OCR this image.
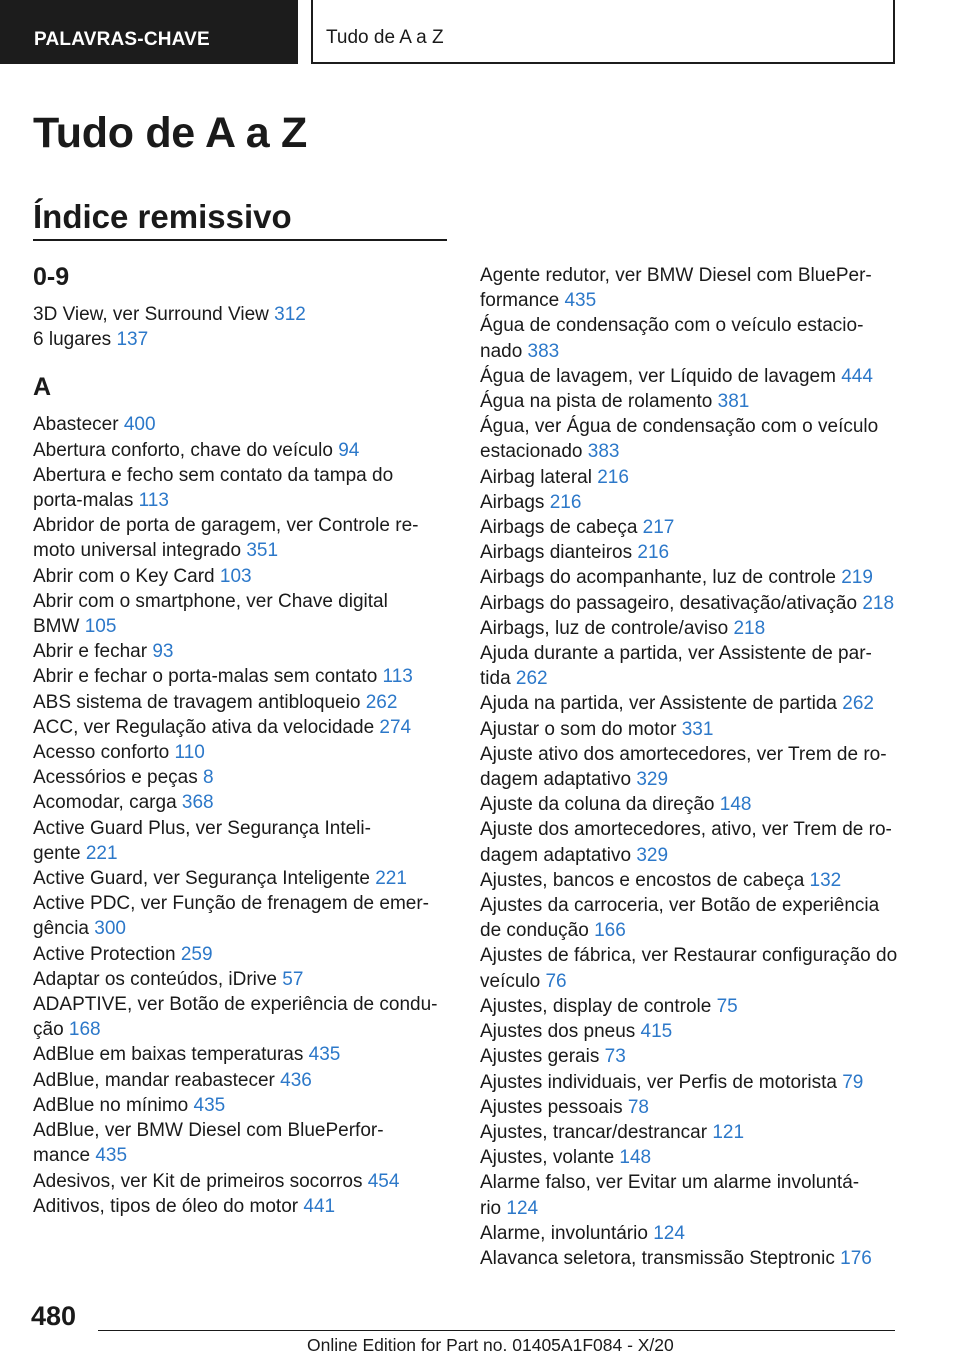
PALAVRAS-CHAVE	Tudo de A a Z
Tudo de A a Z
Índice remissivo
0-9
3D View, ver Surround View 312
6 lugares 137
A
Abastecer 400
Abertura conforto, chave do veículo 94
Abertura e fecho sem contato da tampa do
porta-malas 113
Abridor de porta de garagem, ver Controle re-
moto universal integrado 351
Abrir com o Key Card 103
Abrir com o smartphone, ver Chave digital
BMW 105
Abrir e fechar 93
Abrir e fechar o porta-malas sem contato 113
ABS sistema de travagem antibloqueio 262
ACC, ver Regulação ativa da velocidade 274
Acesso conforto 110
Acessórios e peças 8
Acomodar, carga 368
Active Guard Plus, ver Segurança Inteli-
gente 221
Active Guard, ver Segurança Inteligente 221
Active PDC, ver Função de frenagem de emer-
gência 300
Active Protection 259
Adaptar os conteúdos, iDrive 57
ADAPTIVE, ver Botão de experiência de condu-
ção 168
AdBlue em baixas temperaturas 435
AdBlue, mandar reabastecer 436
AdBlue no mínimo 435
AdBlue, ver BMW Diesel com BluePerfor-
mance 435
Adesivos, ver Kit de primeiros socorros 454
Aditivos, tipos de óleo do motor 441
Agente redutor, ver BMW Diesel com BluePer-
formance 435
Água de condensação com o veículo estacio-
nado 383
Água de lavagem, ver Líquido de lavagem 444
Água na pista de rolamento 381
Água, ver Água de condensação com o veículo
estacionado 383
Airbag lateral 216
Airbags 216
Airbags de cabeça 217
Airbags dianteiros 216
Airbags do acompanhante, luz de controle 219
Airbags do passageiro, desativação/ativação 218
Airbags, luz de controle/aviso 218
Ajuda durante a partida, ver Assistente de par-
tida 262
Ajuda na partida, ver Assistente de partida 262
Ajustar o som do motor 331
Ajuste ativo dos amortecedores, ver Trem de ro-
dagem adaptativo 329
Ajuste da coluna da direção 148
Ajuste dos amortecedores, ativo, ver Trem de ro-
dagem adaptativo 329
Ajustes, bancos e encostos de cabeça 132
Ajustes da carroceria, ver Botão de experiência
de condução 166
Ajustes de fábrica, ver Restaurar configuração do
veículo 76
Ajustes, display de controle 75
Ajustes dos pneus 415
Ajustes gerais 73
Ajustes individuais, ver Perfis de motorista 79
Ajustes pessoais 78
Ajustes, trancar/destrancar 121
Ajustes, volante 148
Alarme falso, ver Evitar um alarme involuntá-
rio 124
Alarme, involuntário 124
Alavanca seletora, transmissão Steptronic 176
480
Online Edition for Part no. 01405A1F084 - X/20
